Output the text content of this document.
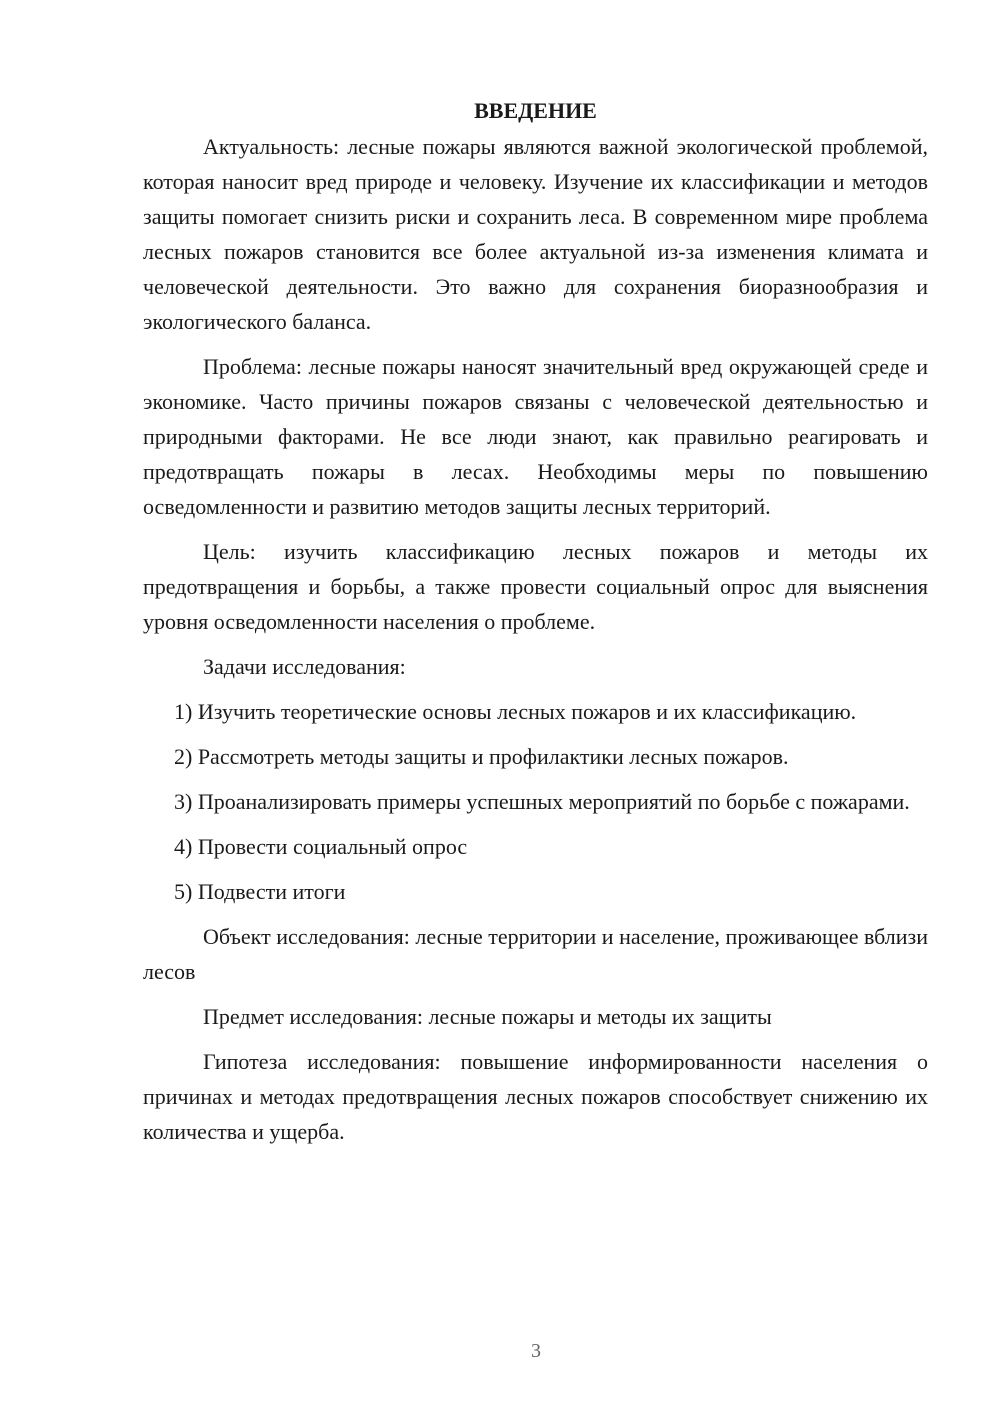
ВВЕДЕНИЕ

Актуальность: лесные пожары являются важной экологической проблемой, которая наносит вред природе и человеку. Изучение их классификации и методов защиты помогает снизить риски и сохранить леса. В современном мире проблема лесных пожаров становится все более актуальной из-за изменения климата и человеческой деятельности. Это важно для сохранения биоразнообразия и экологического баланса.

Проблема: лесные пожары наносят значительный вред окружающей среде и экономике. Часто причины пожаров связаны с человеческой деятельностью и природными факторами. Не все люди знают, как правильно реагировать и предотвращать пожары в лесах. Необходимы меры по повышению осведомленности и развитию методов защиты лесных территорий.

Цель: изучить классификацию лесных пожаров и методы их предотвращения и борьбы, а также провести социальный опрос для выяснения уровня осведомленности населения о проблеме.

Задачи исследования:

1) Изучить теоретические основы лесных пожаров и их классификацию.

2) Рассмотреть методы защиты и профилактики лесных пожаров.

3) Проанализировать примеры успешных мероприятий по борьбе с пожарами.

4) Провести социальный опрос

5) Подвести итоги

Объект исследования: лесные территории и население, проживающее вблизи лесов

Предмет исследования: лесные пожары и методы их защиты

Гипотеза исследования: повышение информированности населения о причинах и методах предотвращения лесных пожаров способствует снижению их количества и ущерба.

3
